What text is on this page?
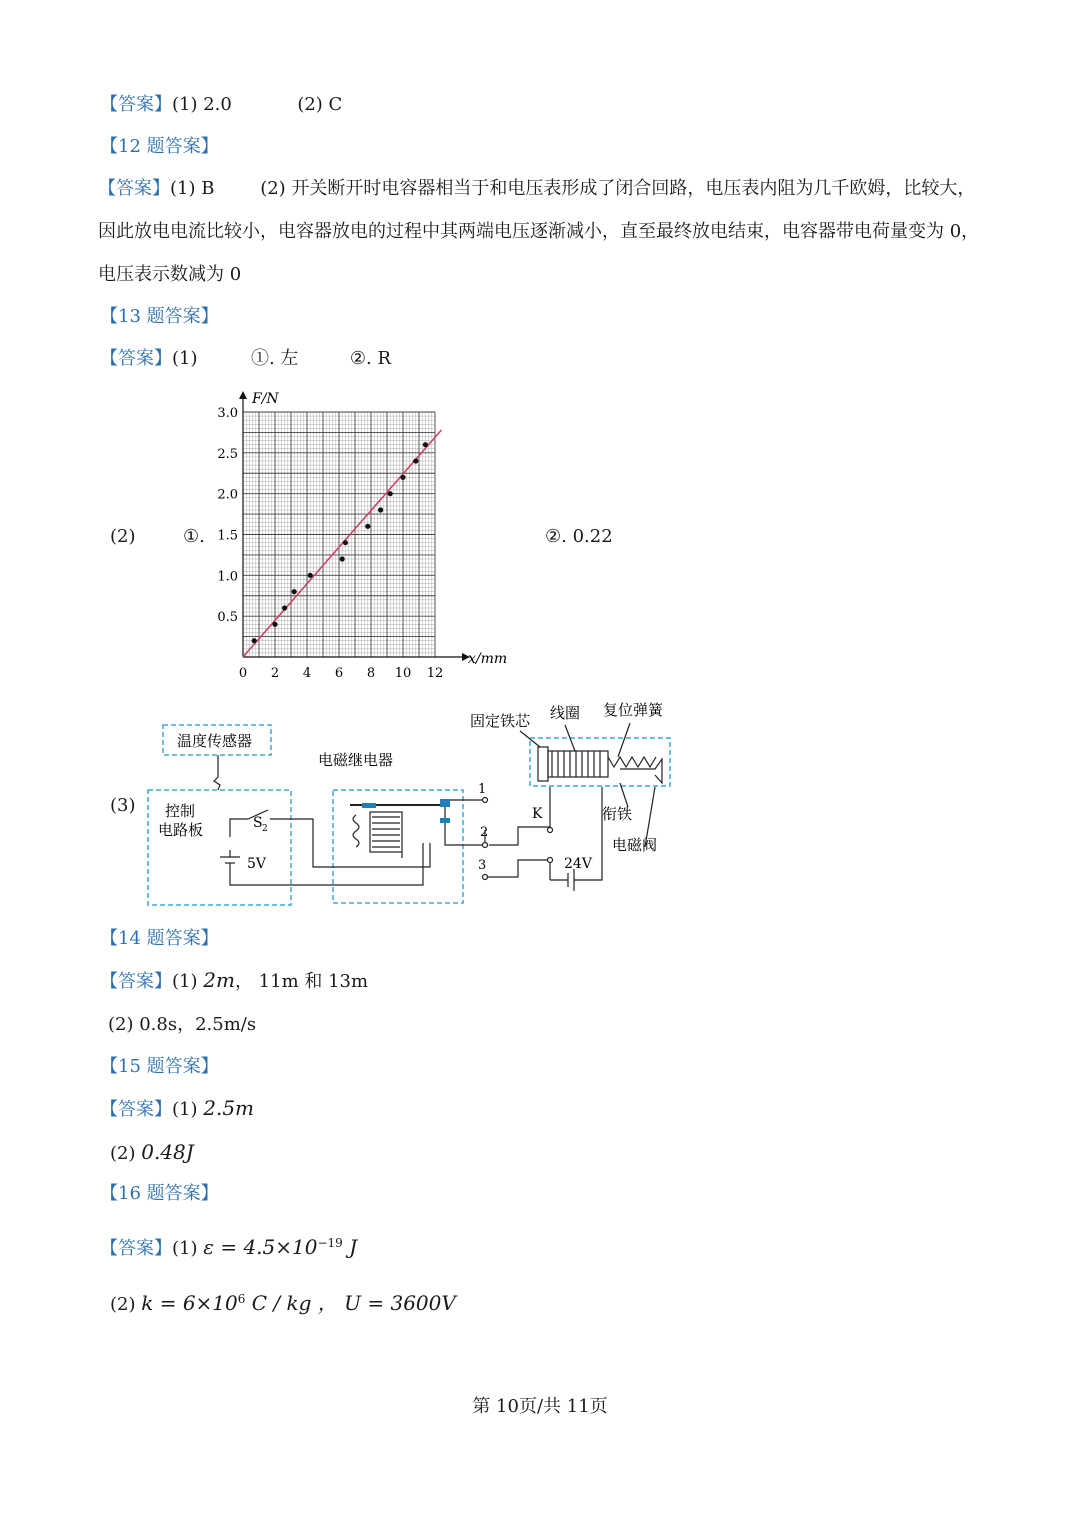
【答案】(1) 2.0	(2) C
【12 题答案】
【答案】(1) B	(2) 开关断开时电容器相当于和电压表形成了闭合回路，电压表内阻为几千欧姆，比较大，因此放电电流比较小，电容器放电的过程中其两端电压逐渐减小，直至最终放电结束，电容器带电荷量变为 0，电压表示数减为 0
【13 题答案】
【答案】(1)	①. 左	②. R
(2)	①.	②. 0.22
0 2 4 6 8 10 12
0.5
1.0
1.5
2.0
2.5
3.0
F/N
x/mm
(3)
温度传感器
电磁继电器
控制
电路板
固定铁芯 线圈 复位弹簧
衔铁
电磁阀
S 2
5V	24V
K
1
2
3
【14 题答案】
【答案】(1) 2m， 11m 和 13m
(2) 0.8s，2.5m/s
【15 题答案】
【答案】(1) 2.5m
(2) 0.48J
【16 题答案】
【答案】(1) $\varepsilon = 4.5\times 10^{-19}$ J
(2) $k = 6\times 10^6$ C / kg ， U = 3600V
第 10页/共 11页
